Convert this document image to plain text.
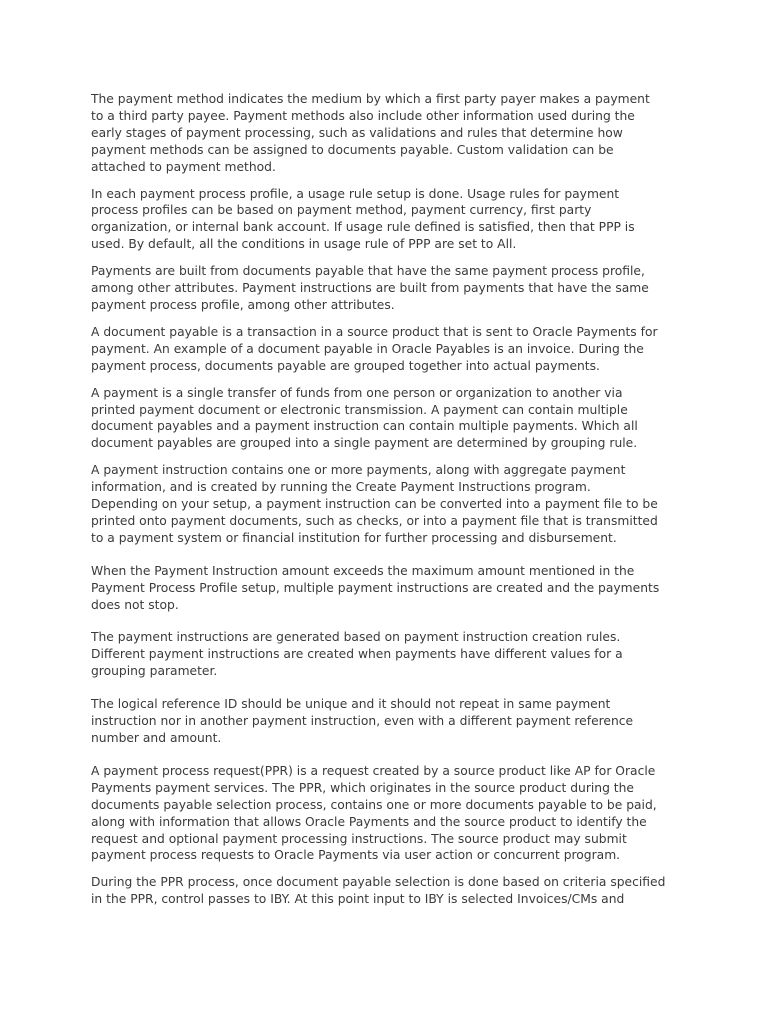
The payment method indicates the medium by which a first party payer makes a payment
to a third party payee. Payment methods also include other information used during the
early stages of payment processing, such as validations and rules that determine how
payment methods can be assigned to documents payable. Custom validation can be
attached to payment method.

In each payment process profile, a usage rule setup is done. Usage rules for payment
process profiles can be based on payment method, payment currency, first party
organization, or internal bank account. If usage rule defined is satisfied, then that PPP is
used. By default, all the conditions in usage rule of PPP are set to All.

Payments are built from documents payable that have the same payment process profile,
among other attributes. Payment instructions are built from payments that have the same
payment process profile, among other attributes.

A document payable is a transaction in a source product that is sent to Oracle Payments for
payment. An example of a document payable in Oracle Payables is an invoice. During the
payment process, documents payable are grouped together into actual payments.

A payment is a single transfer of funds from one person or organization to another via
printed payment document or electronic transmission. A payment can contain multiple
document payables and a payment instruction can contain multiple payments. Which all
document payables are grouped into a single payment are determined by grouping rule.

A payment instruction contains one or more payments, along with aggregate payment
information, and is created by running the Create Payment Instructions program.
Depending on your setup, a payment instruction can be converted into a payment file to be
printed onto payment documents, such as checks, or into a payment file that is transmitted
to a payment system or financial institution for further processing and disbursement.

When the Payment Instruction amount exceeds the maximum amount mentioned in the
Payment Process Profile setup, multiple payment instructions are created and the payments
does not stop.

The payment instructions are generated based on payment instruction creation rules.
Different payment instructions are created when payments have different values for a
grouping parameter.

The logical reference ID should be unique and it should not repeat in same payment
instruction nor in another payment instruction, even with a different payment reference
number and amount.

A payment process request(PPR) is a request created by a source product like AP for Oracle
Payments payment services. The PPR, which originates in the source product during the
documents payable selection process, contains one or more documents payable to be paid,
along with information that allows Oracle Payments and the source product to identify the
request and optional payment processing instructions. The source product may submit
payment process requests to Oracle Payments via user action or concurrent program.

During the PPR process, once document payable selection is done based on criteria specified
in the PPR, control passes to IBY. At this point input to IBY is selected Invoices/CMs and
